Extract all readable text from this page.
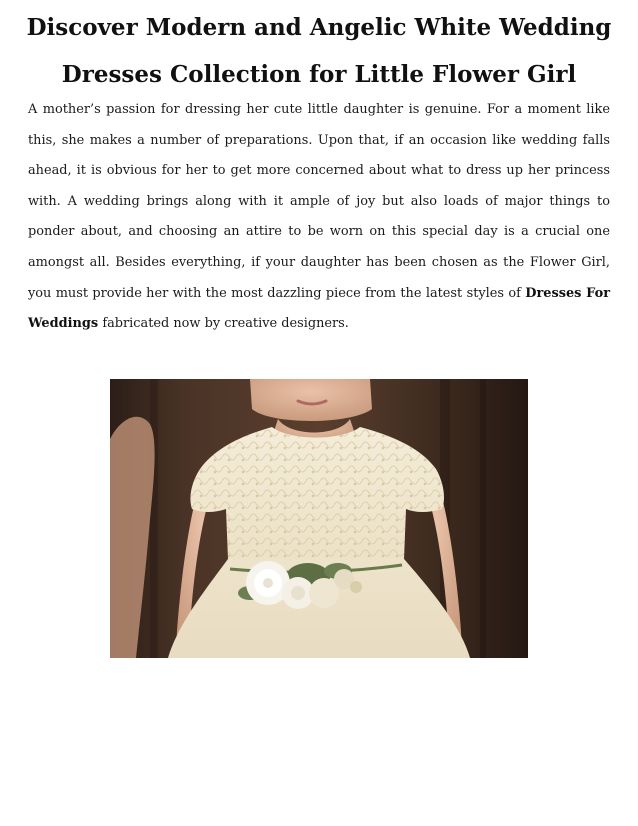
Discover Modern and Angelic White Wedding
Dresses Collection for Little Flower Girl

A mother’s passion for dressing her cute little daughter is genuine. For a moment like this, she makes a number of preparations. Upon that, if an occasion like wedding falls ahead, it is obvious for her to get more concerned about what to dress up her princess with. A wedding brings along with it ample of joy but also loads of major things to ponder about, and choosing an attire to be worn on this special day is a crucial one amongst all. Besides everything, if your daughter has been chosen as the Flower Girl, you must provide her with the most dazzling piece from the latest styles of Dresses For Weddings fabricated now by creative designers.
